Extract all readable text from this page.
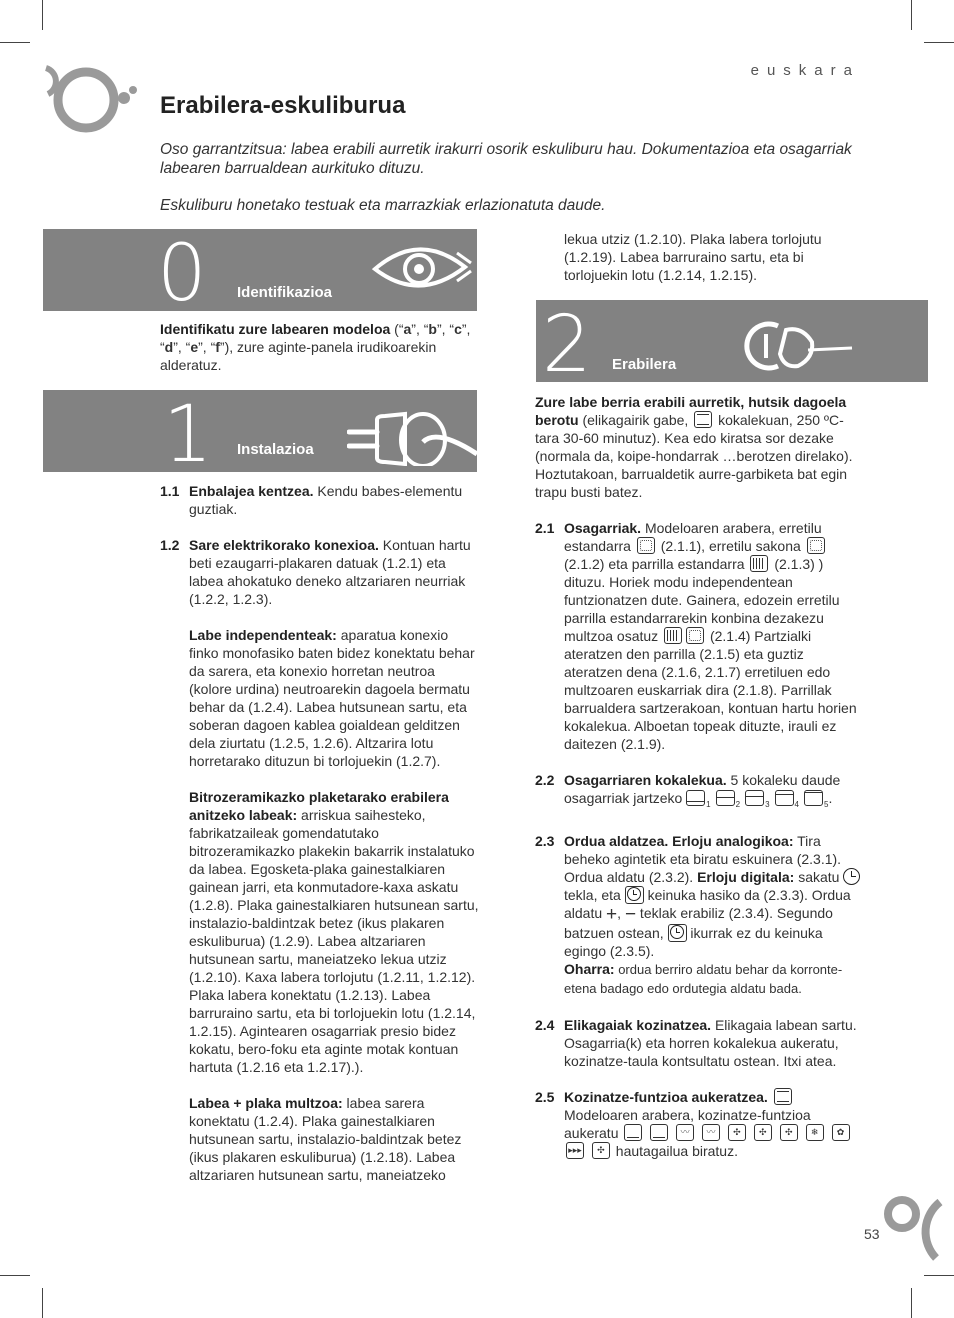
euskara
Erabilera-eskuliburua
Oso garrantzitsua: labea erabili aurretik irakurri osorik eskuliburu hau. Dokumentazioa eta osagarriak labearen barrualdean aurkituko dituzu.
Eskuliburu honetako testuak eta marrazkiak erlazionatuta daude.
0 Identifikazioa

Identifikatu zure labearen modeloa (“a”, “b”, “c”, “d”, “e”, “f”), zure aginte-panela irudikoarekin alderatuz.

1 Instalazioa
1.1 Enbalajea kentzea. Kendu babes-elementu guztiak.
1.2 Sare elektrikorako konexioa. Kontuan hartu beti ezaugarri-plakaren datuak (1.2.1) eta labea ahokatuko deneko altzariaren neurriak (1.2.2, 1.2.3).
Labe independenteak: aparatua konexio finko monofasiko baten bidez konektatu behar da sarera, eta konexio horretan neutroa (kolore urdina) neutroarekin dagoela bermatu behar da (1.2.4). Labea hutsunean sartu, eta soberan dagoen kablea goialdean gelditzen dela ziurtatu (1.2.5, 1.2.6). Altzarira lotu horretarako dituzun bi torlojuekin (1.2.7).
Bitrozeramikazko plaketarako erabilera anitzeko labeak: arriskua saihesteko, fabrikatzaileak gomendatutako bitrozeramikazko plakekin bakarrik instalatuko da labea. Egosketa-plaka gainestalkiaren gainean jarri, eta konmutadore-kaxa askatu (1.2.8). Plaka gainestalkiaren hutsunean sartu, instalazio-baldintzak betez (ikus plakaren eskuliburua) (1.2.9). Labea altzariaren hutsunean sartu, maneiatzeko lekua utziz (1.2.10). Kaxa labera torlojutu (1.2.11, 1.2.12). Plaka labera konektatu (1.2.13). Labea barruraino sartu, eta bi torlojuekin lotu (1.2.14, 1.2.15). Agintearen osagarriak presio bidez kokatu, bero-foku eta aginte motak kontuan hartuta (1.2.16 eta 1.2.17).).
Labea + plaka multzoa: labea sarera konektatu (1.2.4). Plaka gainestalkiaren hutsunean sartu, instalazio-baldintzak betez (ikus plakaren eskuliburua) (1.2.18). Labea altzariaren hutsunean sartu, maneiatzeko

lekua utziz (1.2.10). Plaka labera torlojutu (1.2.19). Labea barruraino sartu, eta bi torlojuekin lotu (1.2.14, 1.2.15).

2 Erabilera

Zure labe berria erabili aurretik, hutsik dagoela berotu (elikagairik gabe,
kokalekuan, 250 ºC-tara 30-60 minutuz). Kea edo kiratsa sor dezake (normala da, koipe-hondarrak …berotzen direlako). Hoztutakoan, barrualdetik aurre-garbiketa bat egin trapu busti batez.

2.1 Osagarriak. Modeloaren arabera, erretilu estandarra
(2.1.1), erretilu sakona
(2.1.2) eta parrilla estandarra
(2.1.3) ) dituzu. Horiek modu independentean funtzionatzen dute. Gainera, edozein erretilu parrilla estandarrarekin konbina dezakezu multzoa osatuz	(2.1.4) Partzialki ateratzen den parrilla (2.1.5) eta guztiz ateratzen dena (2.1.6, 2.1.7) erretiluen edo multzoaren euskarriak dira (2.1.8). Parrillak barrualdera sartzerakoan, kontuan hartu horien kokalekua. Alboetan topeak dituzte, irauli ez daitezen (2.1.9).
2.2 Osagarriaren kokalekua. 5 kokaleku daude osagarriak jartzeko	$_1$	$_2$	$_3$	$_4$	$_5$.
2.3 Ordua aldatzea. Erloju analogikoa: Tira beheko agintetik eta biratu eskuinera (2.3.1). Ordua aldatu (2.3.2). Erloju digitala: sakatu  tekla, eta
keinuka hasiko da (2.3.3). Ordua aldatu +, − teklak erabiliz (2.3.4). Segundo batzuen ostean,
ikurrak ez du keinuka egingo (2.3.5).
Oharra: ordua berriro aldatu behar da korronte-etena badago edo ordutegia aldatu bada.
2.4 Elikagaiak kozinatzea. Elikagaia labean sartu. Osagarria(k) eta horren kokalekua aukeratu, kozinatze-taula kontsultatu ostean. Itxi atea.
2.5 Kozinatze-funtzioa aukeratzea.
Modeloaren arabera, kozinatze-funtzioa aukeratu

	〰
	〰
	✣
	✣
	✣
	❄
	✿

▸▸▸
	✣ hautagailua biratuz.
53
